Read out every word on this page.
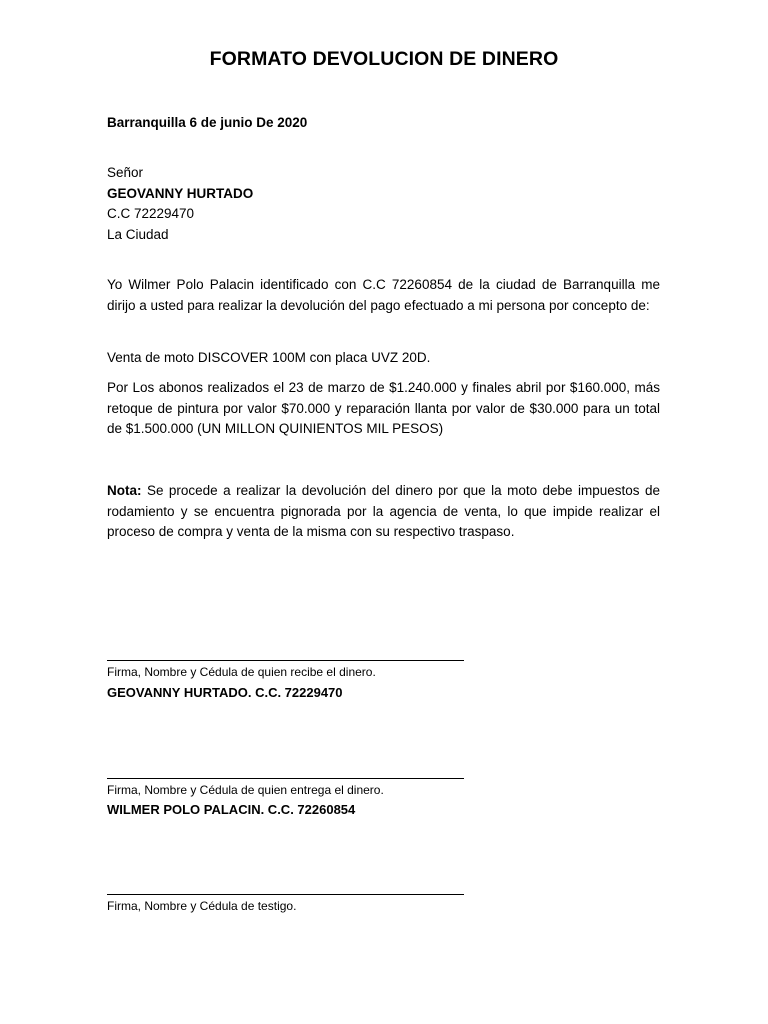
FORMATO DEVOLUCION DE DINERO
Barranquilla 6 de junio De 2020
Señor
GEOVANNY HURTADO
C.C 72229470
La Ciudad
Yo Wilmer Polo Palacin identificado con C.C 72260854 de la ciudad de Barranquilla me dirijo a usted para realizar la devolución del pago efectuado a mi persona por concepto de:
Venta de moto DISCOVER 100M con placa UVZ 20D.
Por Los abonos realizados el 23 de marzo de $1.240.000 y finales abril por $160.000, más retoque de pintura por valor $70.000 y reparación llanta por valor de $30.000 para un total de $1.500.000 (UN MILLON QUINIENTOS MIL PESOS)
Nota: Se procede a realizar la devolución del dinero por que la moto debe impuestos de rodamiento y se encuentra pignorada por la agencia de venta, lo que impide realizar el proceso de compra y venta de la misma con su respectivo traspaso.
Firma, Nombre y Cédula de quien recibe el dinero.
GEOVANNY HURTADO. C.C. 72229470
Firma, Nombre y Cédula de quien entrega el dinero.
WILMER POLO PALACIN. C.C. 72260854
Firma, Nombre y Cédula de testigo.
